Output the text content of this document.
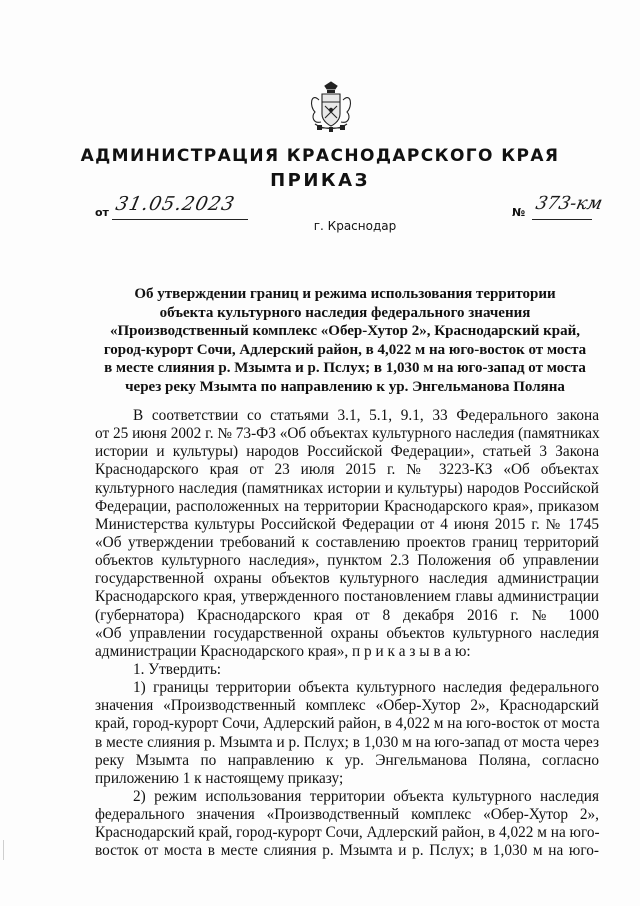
АДМИНИСТРАЦИЯ КРАСНОДАРСКОГО КРАЯ
ПРИКАЗ
от 31.05.2023	№ 373-км
г. Краснодар
Об утверждении границ и режима использования территории
объекта культурного наследия федерального значения
«Производственный комплекс «Обер-Хутор 2», Краснодарский край,
город-курорт Сочи, Адлерский район, в 4,022 м на юго-восток от моста
в месте слияния р. Мзымта и р. Пслух; в 1,030 м на юго-запад от моста
через реку Мзымта по направлению к ур. Энгельманова Поляна
В соответствии со статьями 3.1, 5.1, 9.1, 33 Федерального закона
от 25 июня 2002 г. № 73-ФЗ «Об объектах культурного наследия (памятниках
истории и культуры) народов Российской Федерации», статьей 3 Закона
Краснодарского края от 23 июля 2015 г. № 3223-КЗ «Об объектах
культурного наследия (памятниках истории и культуры) народов Российской
Федерации, расположенных на территории Краснодарского края», приказом
Министерства культуры Российской Федерации от 4 июня 2015 г. № 1745
«Об утверждении требований к составлению проектов границ территорий
объектов культурного наследия», пунктом 2.3 Положения об управлении
государственной охраны объектов культурного наследия администрации
Краснодарского края, утвержденного постановлением главы администрации
(губернатора) Краснодарского края от 8 декабря 2016 г. № 1000
«Об управлении государственной охраны объектов культурного наследия
администрации Краснодарского края», п р и к а з ы в а ю:
1. Утвердить:
1) границы территории объекта культурного наследия федерального
значения «Производственный комплекс «Обер-Хутор 2», Краснодарский
край, город-курорт Сочи, Адлерский район, в 4,022 м на юго-восток от моста
в месте слияния р. Мзымта и р. Пслух; в 1,030 м на юго-запад от моста через
реку Мзымта по направлению к ур. Энгельманова Поляна, согласно
приложению 1 к настоящему приказу;
2) режим использования территории объекта культурного наследия
федерального значения «Производственный комплекс «Обер-Хутор 2»,
Краснодарский край, город-курорт Сочи, Адлерский район, в 4,022 м на юго-
восток от моста в месте слияния р. Мзымта и р. Пслух; в 1,030 м на юго-
